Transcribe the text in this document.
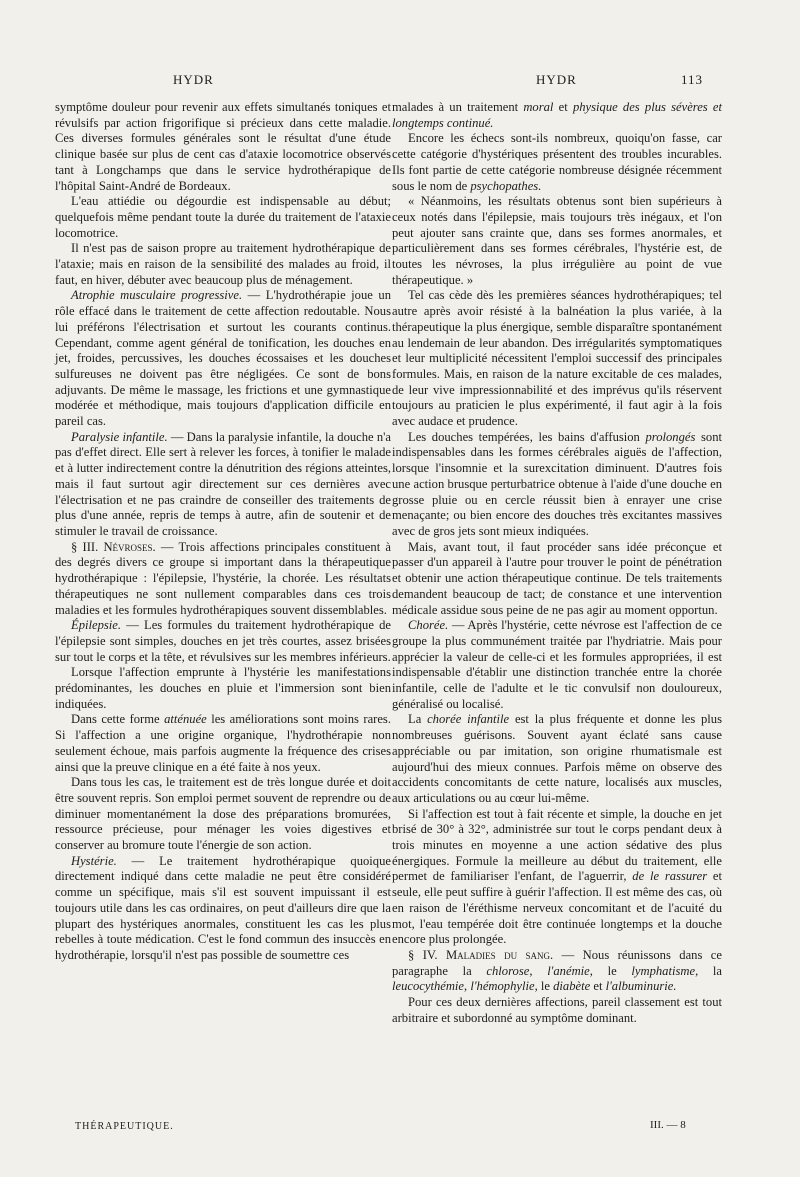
HYDR	HYDR	113

symptôme douleur pour revenir aux effets simultanés toniques et révulsifs par action frigorifique si précieux dans cette maladie. Ces diverses formules générales sont le résultat d'une étude clinique basée sur plus de cent cas d'ataxie locomotrice observés tant à Longchamps que dans le service hydrothérapique de l'hôpital Saint-André de Bordeaux.

L'eau attiédie ou dégourdie est indispensable au début; quelquefois même pendant toute la durée du traitement de l'ataxie locomotrice.

Il n'est pas de saison propre au traitement hydrothérapique de l'ataxie; mais en raison de la sensibilité des malades au froid, il faut, en hiver, débuter avec beaucoup plus de ménagement.

Atrophie musculaire progressive. — L'hydrothérapie joue un rôle effacé dans le traitement de cette affection redoutable. Nous lui préférons l'électrisation et surtout les courants continus. Cependant, comme agent général de tonification, les douches en jet, froides, percussives, les douches écossaises et les douches sulfureuses ne doivent pas être négligées. Ce sont de bons adjuvants. De même le massage, les frictions et une gymnastique modérée et méthodique, mais toujours d'application difficile en pareil cas.

Paralysie infantile. — Dans la paralysie infantile, la douche n'a pas d'effet direct. Elle sert à relever les forces, à tonifier le malade et à lutter indirectement contre la dénutrition des régions atteintes, mais il faut surtout agir directement sur ces dernières avec l'électrisation et ne pas craindre de conseiller des traitements de plus d'une année, repris de temps à autre, afin de soutenir et de stimuler le travail de croissance.

§ III. Névroses. — Trois affections principales constituent à des degrés divers ce groupe si important dans la thérapeutique hydrothérapique : l'épilepsie, l'hystérie, la chorée. Les résultats thérapeutiques ne sont nullement comparables dans ces trois maladies et les formules hydrothérapiques souvent dissemblables.

Épilepsie. — Les formules du traitement hydrothérapique de l'épilepsie sont simples, douches en jet très courtes, assez brisées sur tout le corps et la tête, et révulsives sur les membres inférieurs.

Lorsque l'affection emprunte à l'hystérie les manifestations prédominantes, les douches en pluie et l'immersion sont bien indiquées.

Dans cette forme atténuée les améliorations sont moins rares. Si l'affection a une origine organique, l'hydrothérapie non seulement échoue, mais parfois augmente la fréquence des crises ainsi que la preuve clinique en a été faite à nos yeux.

Dans tous les cas, le traitement est de très longue durée et doit être souvent repris. Son emploi permet souvent de reprendre ou de diminuer momentanément la dose des préparations bromurées, ressource précieuse, pour ménager les voies digestives et conserver au bromure toute l'énergie de son action.

Hystérie. — Le traitement hydrothérapique quoique directement indiqué dans cette maladie ne peut être considéré comme un spécifique, mais s'il est souvent impuissant il est toujours utile dans les cas ordinaires, on peut d'ailleurs dire que la plupart des hystériques anormales, constituent les cas les plus rebelles à toute médication. C'est le fond commun des insuccès en hydrothérapie, lorsqu'il n'est pas possible de soumettre ces

malades à un traitement moral et physique des plus sévères et longtemps continué.

Encore les échecs sont-ils nombreux, quoiqu'on fasse, car cette catégorie d'hystériques présentent des troubles incurables. Ils font partie de cette catégorie nombreuse désignée récemment sous le nom de psychopathes.

« Néanmoins, les résultats obtenus sont bien supérieurs à ceux notés dans l'épilepsie, mais toujours très inégaux, et l'on peut ajouter sans crainte que, dans ses formes anormales, et particulièrement dans ses formes cérébrales, l'hystérie est, de toutes les névroses, la plus irrégulière au point de vue thérapeutique. »

Tel cas cède dès les premières séances hydrothérapiques; tel autre après avoir résisté à la balnéation la plus variée, à la thérapeutique la plus énergique, semble disparaître spontanément au lendemain de leur abandon. Des irrégularités symptomatiques et leur multiplicité nécessitent l'emploi successif des principales formules. Mais, en raison de la nature excitable de ces malades, de leur vive impressionnabilité et des imprévus qu'ils réservent toujours au praticien le plus expérimenté, il faut agir à la fois avec audace et prudence.

Les douches tempérées, les bains d'affusion prolongés sont indispensables dans les formes cérébrales aiguës de l'affection, lorsque l'insomnie et la surexcitation diminuent. D'autres fois une action brusque perturbatrice obtenue à l'aide d'une douche en grosse pluie ou en cercle réussit bien à enrayer une crise menaçante; ou bien encore des douches très excitantes massives avec de gros jets sont mieux indiquées.

Mais, avant tout, il faut procéder sans idée préconçue et passer d'un appareil à l'autre pour trouver le point de pénétration et obtenir une action thérapeutique continue. De tels traitements demandent beaucoup de tact; de constance et une intervention médicale assidue sous peine de ne pas agir au moment opportun.

Chorée. — Après l'hystérie, cette névrose est l'affection de ce groupe la plus communément traitée par l'hydriatrie. Mais pour apprécier la valeur de celle-ci et les formules appropriées, il est indispensable d'établir une distinction tranchée entre la chorée infantile, celle de l'adulte et le tic convulsif non douloureux, généralisé ou localisé.

La chorée infantile est la plus fréquente et donne les plus nombreuses guérisons. Souvent ayant éclaté sans cause appréciable ou par imitation, son origine rhumatismale est aujourd'hui des mieux connues. Parfois même on observe des accidents concomitants de cette nature, localisés aux muscles, aux articulations ou au cœur lui-même.

Si l'affection est tout à fait récente et simple, la douche en jet brisé de 30° à 32°, administrée sur tout le corps pendant deux à trois minutes en moyenne a une action sédative des plus énergiques. Formule la meilleure au début du traitement, elle permet de familiariser l'enfant, de l'aguerrir, de le rassurer et seule, elle peut suffire à guérir l'affection. Il est même des cas, où en raison de l'éréthisme nerveux concomitant et de l'acuité du mot, l'eau tempérée doit être continuée longtemps et la douche encore plus prolongée.

§ IV. Maladies du sang. — Nous réunissons dans ce paragraphe la chlorose, l'anémie, le lymphatisme, la leucocythémie, l'hémophylie, le diabète et l'albuminurie.

Pour ces deux dernières affections, pareil classement est tout arbitraire et subordonné au symptôme dominant.

THÉRAPEUTIQUE.	III. — 8
